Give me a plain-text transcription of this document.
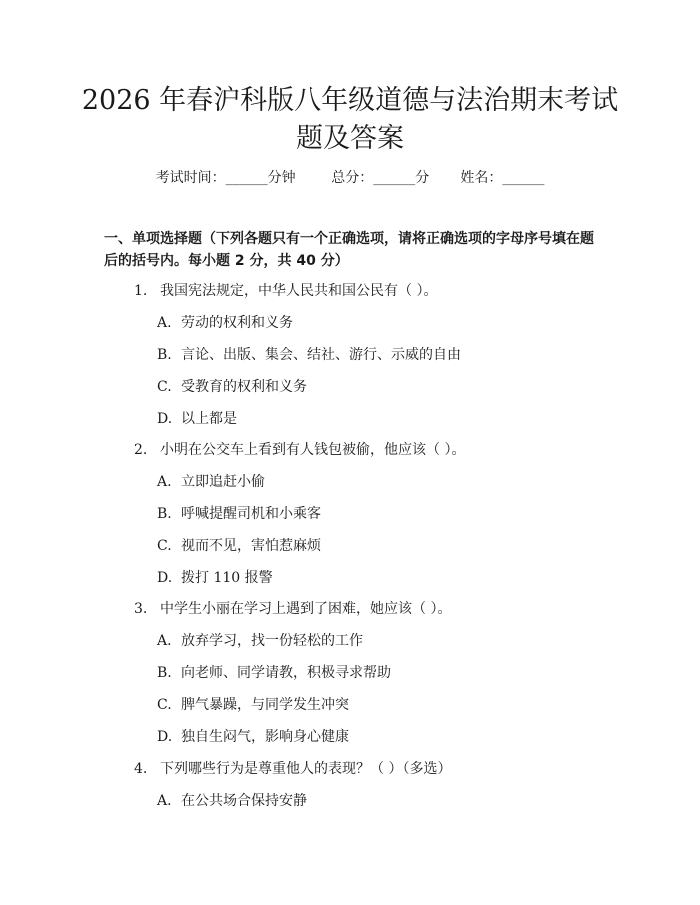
2026 年春沪科版八年级道德与法治期末考试
题及答案
考试时间：______分钟	总分：______分 姓名：______
一、单项选择题（下列各题只有一个正确选项，请将正确选项的字母序号填在题后的括号内。每小题 2 分，共 40 分）
1. 我国宪法规定，中华人民共和国公民有（ ）。
A. 劳动的权利和义务
B. 言论、出版、集会、结社、游行、示威的自由
C. 受教育的权利和义务
D. 以上都是
2. 小明在公交车上看到有人钱包被偷，他应该（ ）。
A. 立即追赶小偷
B. 呼喊提醒司机和小乘客
C. 视而不见，害怕惹麻烦
D. 拨打 110 报警
3. 中学生小丽在学习上遇到了困难，她应该（ ）。
A. 放弃学习，找一份轻松的工作
B. 向老师、同学请教，积极寻求帮助
C. 脾气暴躁，与同学发生冲突
D. 独自生闷气，影响身心健康
4. 下列哪些行为是尊重他人的表现？（ ）（多选）
A. 在公共场合保持安静
